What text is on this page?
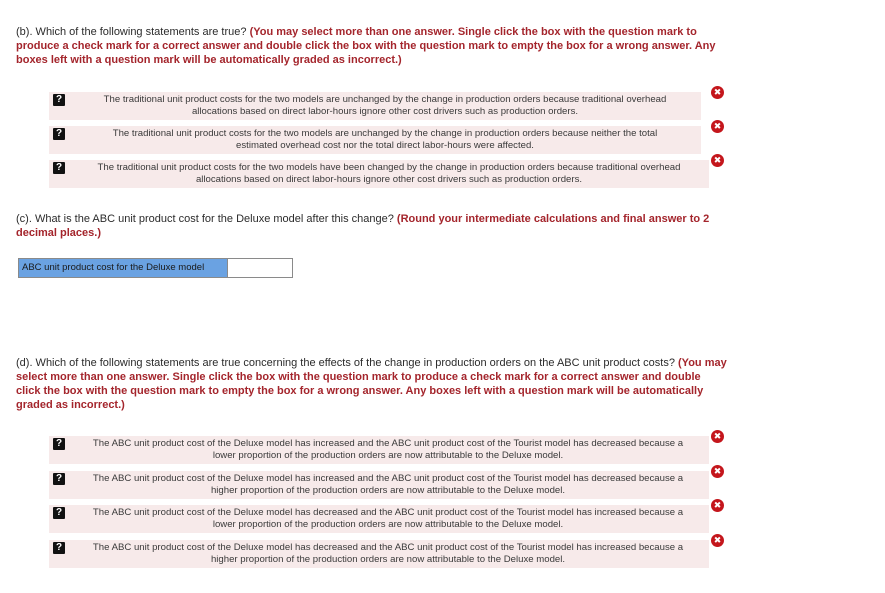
(b). Which of the following statements are true? (You may select more than one answer. Single click the box with the question mark to produce a check mark for a correct answer and double click the box with the question mark to empty the box for a wrong answer. Any boxes left with a question mark will be automatically graded as incorrect.)
?	The traditional unit product costs for the two models are unchanged by the change in production orders because traditional overhead
allocations based on direct labor-hours ignore other cost drivers such as production orders.
✖
?	The traditional unit product costs for the two models are unchanged by the change in production orders because neither the total
estimated overhead cost nor the total direct labor-hours were affected.
✖
?	The traditional unit product costs for the two models have been changed by the change in production orders because traditional overhead
allocations based on direct labor-hours ignore other cost drivers such as production orders.
✖
(c). What is the ABC unit product cost for the Deluxe model after this change? (Round your intermediate calculations and final answer to 2 decimal places.)
ABC unit product cost for the Deluxe model
(d). Which of the following statements are true concerning the effects of the change in production orders on the ABC unit product costs? (You may select more than one answer. Single click the box with the question mark to produce a check mark for a correct answer and double click the box with the question mark to empty the box for a wrong answer. Any boxes left with a question mark will be automatically graded as incorrect.)
?	The ABC unit product cost of the Deluxe model has increased and the ABC unit product cost of the Tourist model has decreased because a
lower proportion of the production orders are now attributable to the Deluxe model.
✖
?	The ABC unit product cost of the Deluxe model has increased and the ABC unit product cost of the Tourist model has decreased because a
higher proportion of the production orders are now attributable to the Deluxe model.
✖
?	The ABC unit product cost of the Deluxe model has decreased and the ABC unit product cost of the Tourist model has increased because a
lower proportion of the production orders are now attributable to the Deluxe model.
✖
?	The ABC unit product cost of the Deluxe model has decreased and the ABC unit product cost of the Tourist model has increased because a
higher proportion of the production orders are now attributable to the Deluxe model.
✖
